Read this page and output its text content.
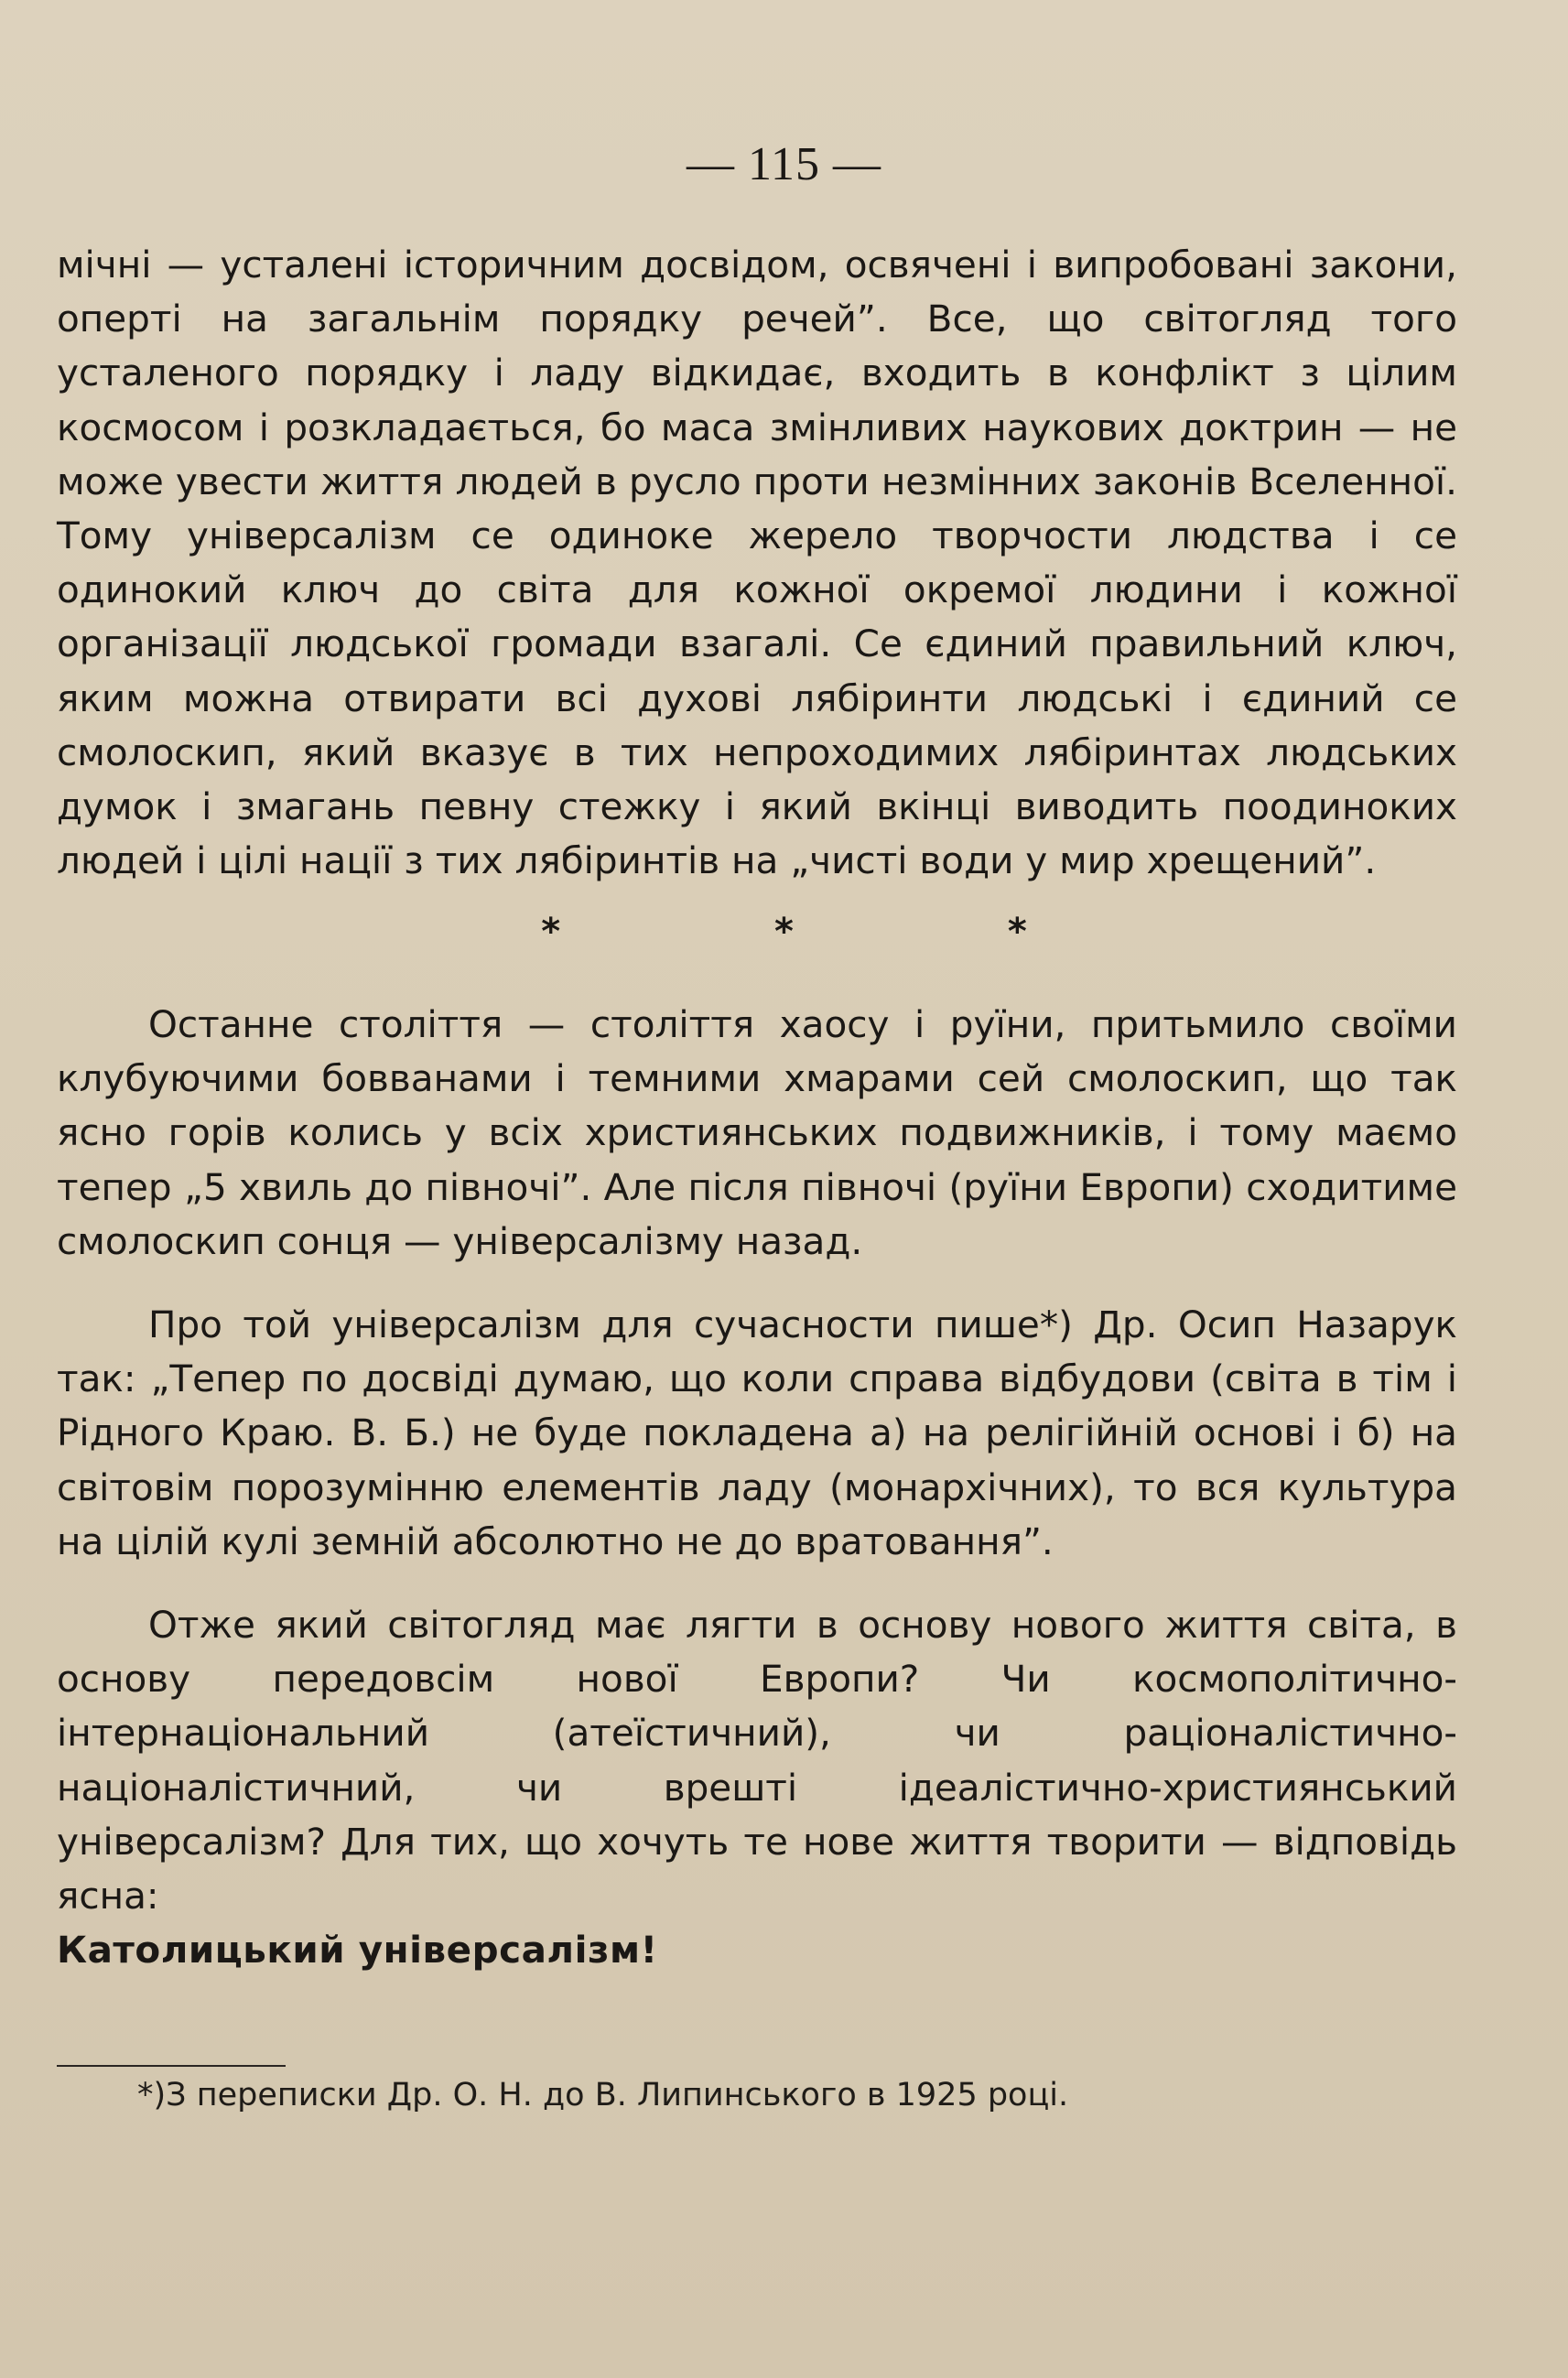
— 115 —

мічні — усталені історичним досвідом, освячені і випробовані закони, оперті на загальнім порядку речей”. Все, що світогляд того усталеного порядку і ладу відкидає, входить в конфлікт з цілим космосом і розкладається, бо маса змінливих наукових доктрин — не може увести життя людей в русло проти незмінних законів Вселенної. Тому універсалізм се одиноке жерело творчости людства і се одинокий ключ до світа для кожної окремої людини і кожної організації людської громади взагалі. Се єдиний правильний ключ, яким можна отвирати всі духові лябіринти людські і єдиний се смолоскип, який вказує в тих непроходимих лябіринтах людських думок і змагань певну стежку і який вкінці виводить поодиноких людей і цілі нації з тих лябіринтів на „чисті води у мир хрещений”.

* * *

Останне століття — століття хаосу і руїни, притьмило своїми клубуючими бовванами і темними хмарами сей смолоскип, що так ясно горів колись у всіх християнських подвижників, і тому маємо тепер „5 хвиль до півночі”. Але після півночі (руїни Европи) сходитиме смолоскип сонця — універсалізму назад.

Про той універсалізм для сучасности пише*) Др. Осип Назарук так: „Тепер по досвіді думаю, що коли справа відбудови (світа в тім і Рідного Краю. В. Б.) не буде покладена а) на релігійній основі і б) на світовім порозумінню елементів ладу (монархічних), то вся культура на цілій кулі земній абсолютно не до вратовання”.

Отже який світогляд має лягти в основу нового життя світа, в основу передовсім нової Европи? Чи космополітично-інтернаціональний (атеїстичний), чи раціоналістично-націоналістичний, чи врешті ідеалістично-християнський універсалізм? Для тих, що хочуть те нове життя творити — відповідь ясна:

Католицький універсалізм!
*)З переписки Др. О. Н. до В. Липинського в 1925 році.
